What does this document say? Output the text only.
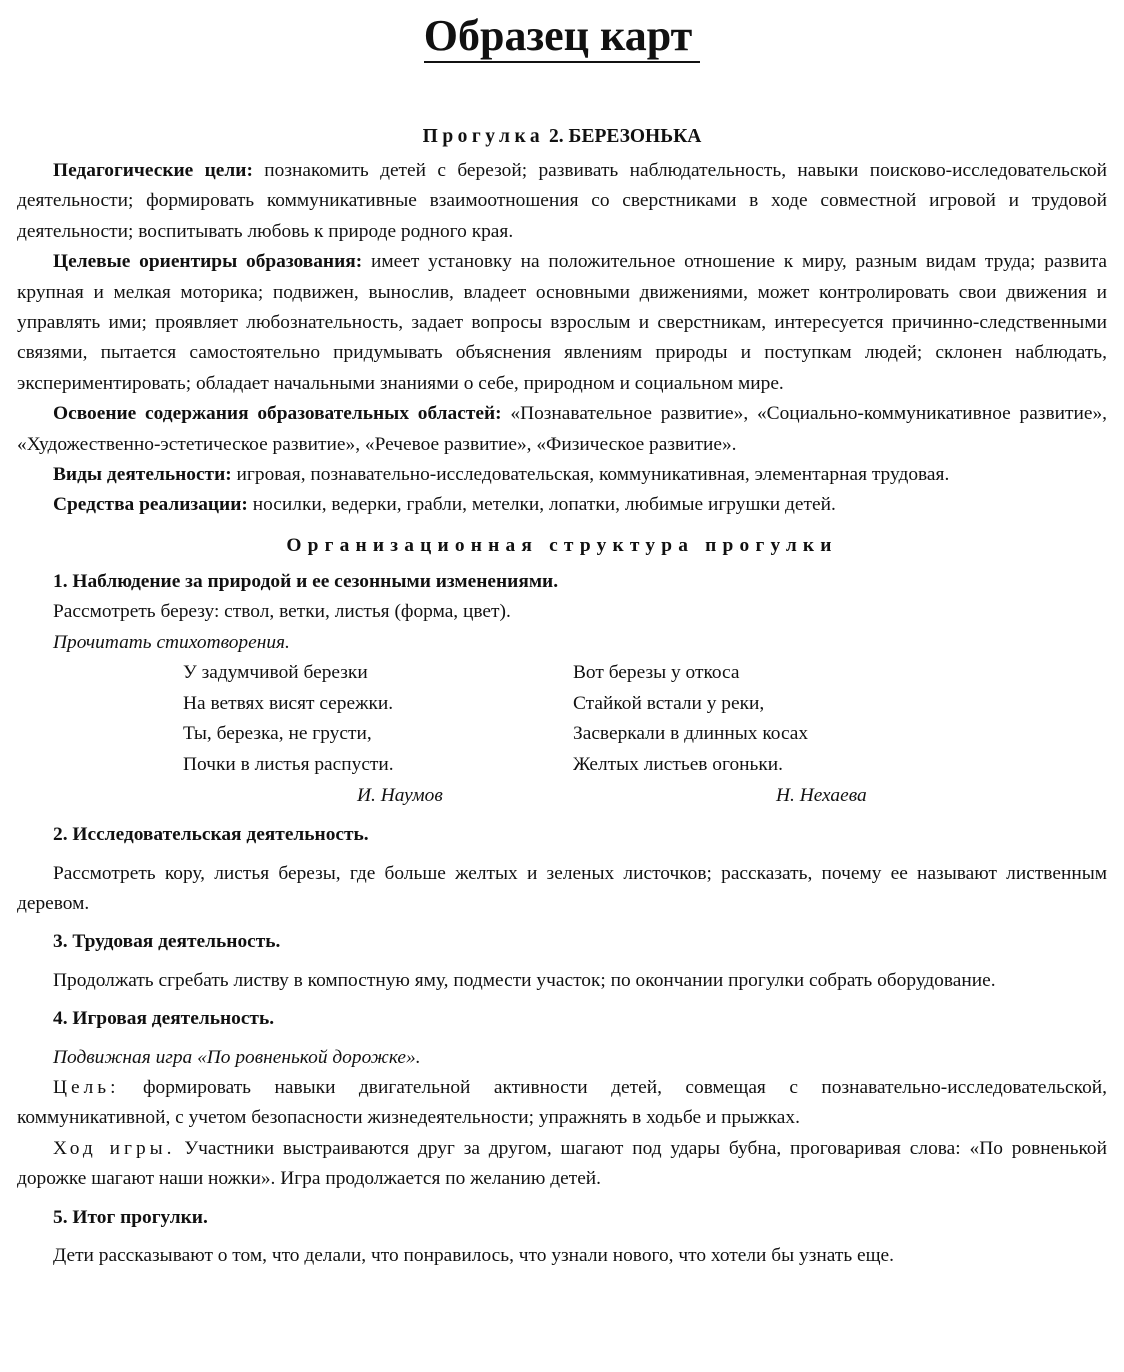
Образец карт
Прогулка 2. БЕРЕЗОНЬКА

Педагогические цели: познакомить детей с березой; развивать наблюдательность, навыки поисково-исследовательской деятельности; формировать коммуникативные взаимоотношения со сверстниками в ходе совместной игровой и трудовой деятельности; воспитывать любовь к природе родного края.

Целевые ориентиры образования: имеет установку на положительное отношение к миру, разным видам труда; развита крупная и мелкая моторика; подвижен, вынослив, владеет основными движениями, может контролировать свои движения и управлять ими; проявляет любознательность, задает вопросы взрослым и сверстникам, интересуется причинно-следственными связями, пытается самостоятельно придумывать объяснения явлениям природы и поступкам людей; склонен наблюдать, экспериментировать; обладает начальными знаниями о себе, природном и социальном мире.

Освоение содержания образовательных областей: «Познавательное развитие», «Социально-коммуникативное развитие», «Художественно-эстетическое развитие», «Речевое развитие», «Физическое развитие».

Виды деятельности: игровая, познавательно-исследовательская, коммуникативная, элементарная трудовая.

Средства реализации: носилки, ведерки, грабли, метелки, лопатки, любимые игрушки детей.

Организационная структура прогулки
1. Наблюдение за природой и ее сезонными изменениями.
Рассмотреть березу: ствол, ветки, листья (форма, цвет).
Прочитать стихотворения.
У задумчивой березки
На ветвях висят сережки.
Ты, березка, не грусти,
Почки в листья распусти.
Вот березы у откоса
Стайкой встали у реки,
Засверкали в длинных косах
Желтых листьев огоньки.
И. Наумов	Н. Нехаева
2. Исследовательская деятельность.

Рассмотреть кору, листья березы, где больше желтых и зеленых листочков; рассказать, почему ее называют лиственным деревом.

3. Трудовая деятельность.

Продолжать сгребать листву в компостную яму, подмести участок; по окончании прогулки собрать оборудование.

4. Игровая деятельность.
Подвижная игра «По ровненькой дорожке».

Цель: формировать навыки двигательной активности детей, совмещая с познавательно-исследовательской, коммуникативной, с учетом безопасности жизнедеятельности; упражнять в ходьбе и прыжках.

Ход игры. Участники выстраиваются друг за другом, шагают под удары бубна, проговаривая слова: «По ровненькой дорожке шагают наши ножки». Игра продолжается по желанию детей.

5. Итог прогулки.

Дети рассказывают о том, что делали, что понравилось, что узнали нового, что хотели бы узнать еще.
